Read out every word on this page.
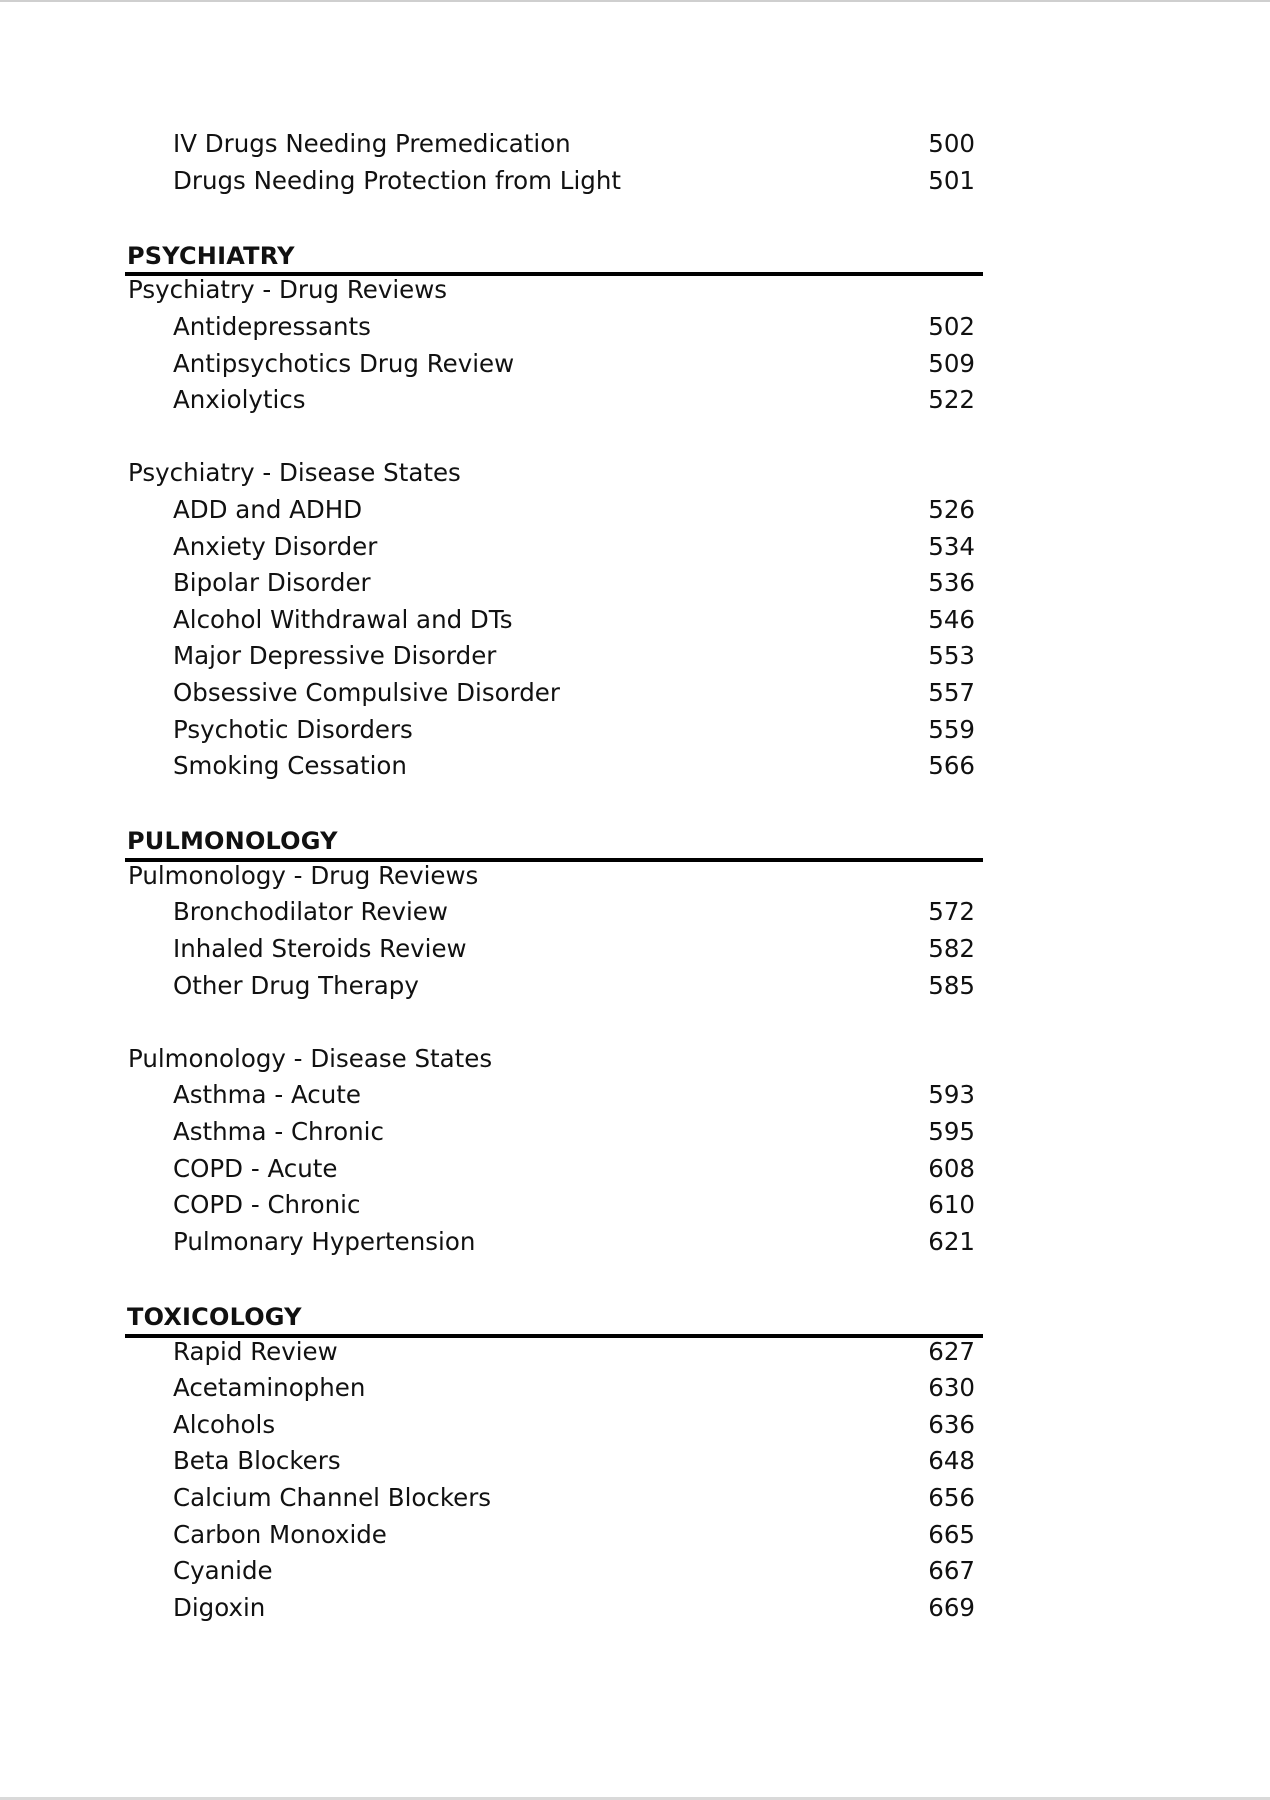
IV Drugs Needing Premedication	500
Drugs Needing Protection from Light	501
PSYCHIATRY
Psychiatry - Drug Reviews
Antidepressants	502
Antipsychotics Drug Review	509
Anxiolytics	522
Psychiatry - Disease States
ADD and ADHD	526
Anxiety Disorder	534
Bipolar Disorder	536
Alcohol Withdrawal and DTs	546
Major Depressive Disorder	553
Obsessive Compulsive Disorder	557
Psychotic Disorders	559
Smoking Cessation	566
PULMONOLOGY
Pulmonology - Drug Reviews
Bronchodilator Review	572
Inhaled Steroids Review	582
Other Drug Therapy	585
Pulmonology - Disease States
Asthma - Acute	593
Asthma - Chronic	595
COPD - Acute	608
COPD - Chronic	610
Pulmonary Hypertension	621
TOXICOLOGY
Rapid Review	627
Acetaminophen	630
Alcohols	636
Beta Blockers	648
Calcium Channel Blockers	656
Carbon Monoxide	665
Cyanide	667
Digoxin	669
